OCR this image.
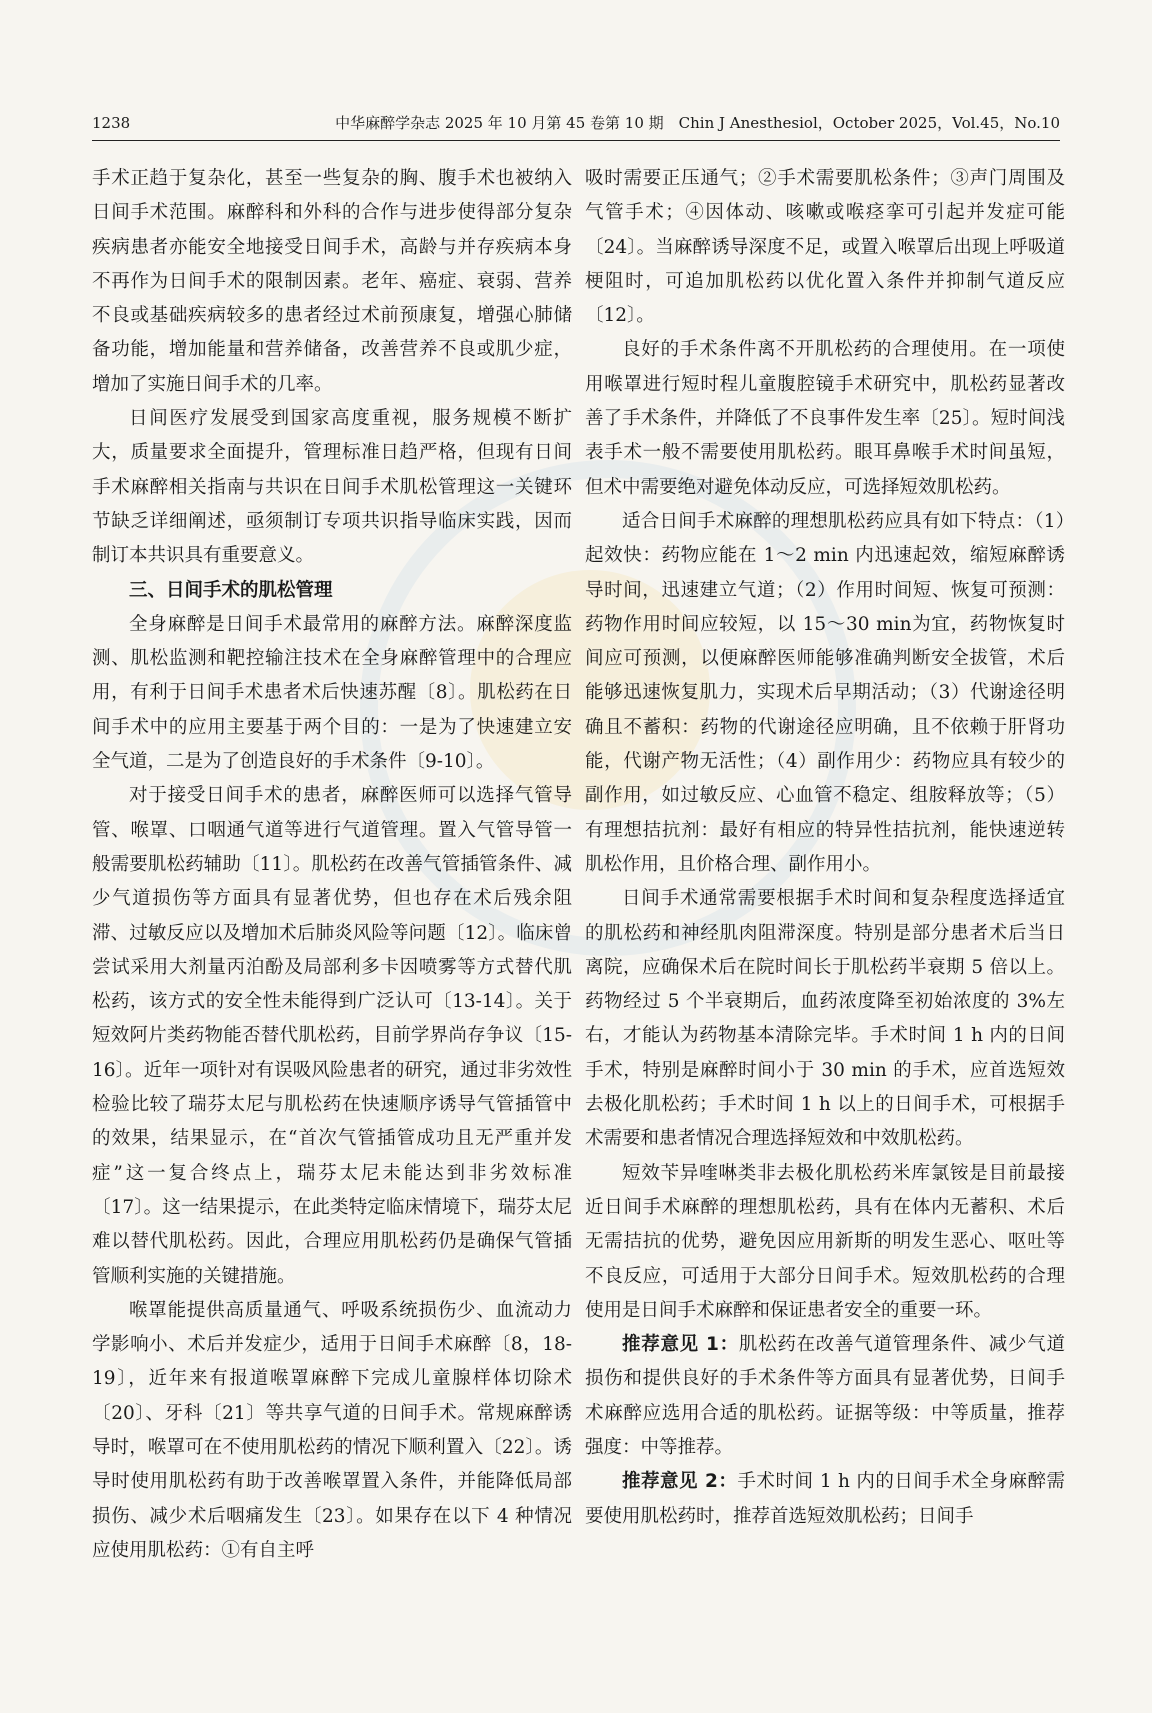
1238	中华麻醉学杂志 2025 年 10 月第 45 卷第 10 期　Chin J Anesthesiol，October 2025，Vol.45，No.10

手术正趋于复杂化，甚至一些复杂的胸、腹手术也被纳入日间手术范围。麻醉科和外科的合作与进步使得部分复杂疾病患者亦能安全地接受日间手术，高龄与并存疾病本身不再作为日间手术的限制因素。老年、癌症、衰弱、营养不良或基础疾病较多的患者经过术前预康复，增强心肺储备功能，增加能量和营养储备，改善营养不良或肌少症，增加了实施日间手术的几率。

日间医疗发展受到国家高度重视，服务规模不断扩大，质量要求全面提升，管理标准日趋严格，但现有日间手术麻醉相关指南与共识在日间手术肌松管理这一关键环节缺乏详细阐述，亟须制订专项共识指导临床实践，因而制订本共识具有重要意义。

三、日间手术的肌松管理

全身麻醉是日间手术最常用的麻醉方法。麻醉深度监测、肌松监测和靶控输注技术在全身麻醉管理中的合理应用，有利于日间手术患者术后快速苏醒〔8〕。肌松药在日间手术中的应用主要基于两个目的：一是为了快速建立安全气道，二是为了创造良好的手术条件〔9-10〕。

对于接受日间手术的患者，麻醉医师可以选择气管导管、喉罩、口咽通气道等进行气道管理。置入气管导管一般需要肌松药辅助〔11〕。肌松药在改善气管插管条件、减少气道损伤等方面具有显著优势，但也存在术后残余阻滞、过敏反应以及增加术后肺炎风险等问题〔12〕。临床曾尝试采用大剂量丙泊酚及局部利多卡因喷雾等方式替代肌松药，该方式的安全性未能得到广泛认可〔13-14〕。关于短效阿片类药物能否替代肌松药，目前学界尚存争议〔15-16〕。近年一项针对有误吸风险患者的研究，通过非劣效性检验比较了瑞芬太尼与肌松药在快速顺序诱导气管插管中的效果，结果显示，在“首次气管插管成功且无严重并发症”这一复合终点上，瑞芬太尼未能达到非劣效标准〔17〕。这一结果提示，在此类特定临床情境下，瑞芬太尼难以替代肌松药。因此，合理应用肌松药仍是确保气管插管顺利实施的关键措施。

喉罩能提供高质量通气、呼吸系统损伤少、血流动力学影响小、术后并发症少，适用于日间手术麻醉〔8，18-19〕，近年来有报道喉罩麻醉下完成儿童腺样体切除术〔20〕、牙科〔21〕等共享气道的日间手术。常规麻醉诱导时，喉罩可在不使用肌松药的情况下顺利置入〔22〕。诱导时使用肌松药有助于改善喉罩置入条件，并能降低局部损伤、减少术后咽痛发生〔23〕。如果存在以下 4 种情况应使用肌松药：①有自主呼

吸时需要正压通气；②手术需要肌松条件；③声门周围及气管手术；④因体动、咳嗽或喉痉挛可引起并发症可能〔24〕。当麻醉诱导深度不足，或置入喉罩后出现上呼吸道梗阻时，可追加肌松药以优化置入条件并抑制气道反应〔12〕。

良好的手术条件离不开肌松药的合理使用。在一项使用喉罩进行短时程儿童腹腔镜手术研究中，肌松药显著改善了手术条件，并降低了不良事件发生率〔25〕。短时间浅表手术一般不需要使用肌松药。眼耳鼻喉手术时间虽短，但术中需要绝对避免体动反应，可选择短效肌松药。

适合日间手术麻醉的理想肌松药应具有如下特点：（1）起效快：药物应能在 1～2 min 内迅速起效，缩短麻醉诱导时间，迅速建立气道；（2）作用时间短、恢复可预测：药物作用时间应较短，以 15～30 min为宜，药物恢复时间应可预测，以便麻醉医师能够准确判断安全拔管，术后能够迅速恢复肌力，实现术后早期活动；（3）代谢途径明确且不蓄积：药物的代谢途径应明确，且不依赖于肝肾功能，代谢产物无活性；（4）副作用少：药物应具有较少的副作用，如过敏反应、心血管不稳定、组胺释放等；（5）有理想拮抗剂：最好有相应的特异性拮抗剂，能快速逆转肌松作用，且价格合理、副作用小。

日间手术通常需要根据手术时间和复杂程度选择适宜的肌松药和神经肌肉阻滞深度。特别是部分患者术后当日离院，应确保术后在院时间长于肌松药半衰期 5 倍以上。药物经过 5 个半衰期后，血药浓度降至初始浓度的 3%左右，才能认为药物基本清除完毕。手术时间 1 h 内的日间手术，特别是麻醉时间小于 30 min 的手术，应首选短效去极化肌松药；手术时间 1 h 以上的日间手术，可根据手术需要和患者情况合理选择短效和中效肌松药。

短效苄异喹啉类非去极化肌松药米库氯铵是目前最接近日间手术麻醉的理想肌松药，具有在体内无蓄积、术后无需拮抗的优势，避免因应用新斯的明发生恶心、呕吐等不良反应，可适用于大部分日间手术。短效肌松药的合理使用是日间手术麻醉和保证患者安全的重要一环。

推荐意见 1：肌松药在改善气道管理条件、减少气道损伤和提供良好的手术条件等方面具有显著优势，日间手术麻醉应选用合适的肌松药。证据等级：中等质量，推荐强度：中等推荐。

推荐意见 2：手术时间 1 h 内的日间手术全身麻醉需要使用肌松药时，推荐首选短效肌松药；日间手
